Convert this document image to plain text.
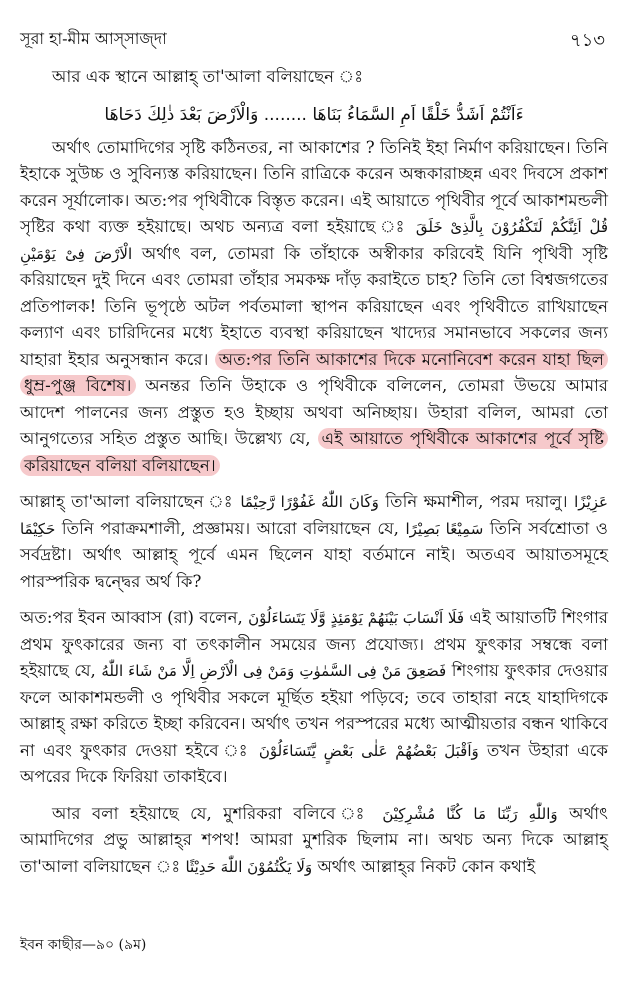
সূরা হা-মীম আস্‌সাজ্‌দা	৭১৩

আর এক স্থানে আল্লাহ্ তা'আলা বলিয়াছেন ঃ

ءَاَنْتُمْ اَشَدُّ خَلْقًا اَمِ السَّمَاءُ بَنَاهَا ........ وَالْاَرْضَ بَعْدَ ذٰلِكَ دَحَاهَا

অর্থাৎ তোমাদিগের সৃষ্টি কঠিনতর, না আকাশের ? তিনিই ইহা নির্মাণ করিয়াছেন। তিনি ইহাকে সুউচ্চ ও সুবিন্যস্ত করিয়াছেন। তিনি রাত্রিকে করেন অন্ধকারাচ্ছন্ন এবং দিবসে প্রকাশ করেন সূর্যালোক। অত:পর পৃথিবীকে বিস্তৃত করেন। এই আয়াতে পৃথিবীর পূর্বে আকাশমন্ডলী সৃষ্টির কথা ব্যক্ত হইয়াছে। অথচ অন্যত্র বলা হইয়াছে ঃ قُلْ اَئِنَّكُمْ لَتَكْفُرُوْنَ بِالَّذِىْ خَلَقَ الْاَرْضَ فِىْ يَوْمَيْنِ অর্থাৎ বল, তোমরা কি তাঁহাকে অস্বীকার করিবেই যিনি পৃথিবী সৃষ্টি করিয়াছেন দুই দিনে এবং তোমরা তাঁহার সমকক্ষ দাঁড় করাইতে চাহ? তিনি তো বিশ্বজগতের প্রতিপালক! তিনি ভূপৃষ্ঠে অটল পর্বতমালা স্থাপন করিয়াছেন এবং পৃথিবীতে রাখিয়াছেন কল্যাণ এবং চারি‌দিনের মধ্যে ইহাতে ব্যবস্থা করিয়াছেন খাদ্যের সমানভাবে সকলের জন্য যাহারা ইহার অনুসন্ধান করে। অত:পর তিনি আকাশের দিকে মনোনিবেশ করেন যাহা ছিল ধুম্র-পুঞ্জ বিশেষ। অনন্তর তিনি উহাকে ও পৃথিবীকে বলিলেন, তোমরা উভয়ে আমার আদেশ পালনের জন্য প্রস্তুত হও ইচ্ছায় অথবা অনিচ্ছায়। উহারা বলিল, আমরা তো আনুগত্যের সহিত প্রস্তুত আছি। উল্লেখ্য যে, এই আয়াতে পৃথিবীকে আকাশের পূর্বে সৃষ্টি করিয়াছেন বলিয়া বলিয়াছেন।

আল্লাহ্ তা'আলা বলিয়াছেন ঃ وَكَانَ اللّٰهُ غَفُوْرًا رَّحِيْمًا তিনি ক্ষমাশীল, পরম দয়ালু। عَزِيْزًا حَكِيْمًا তিনি পরাক্রমশালী, প্রজ্ঞাময়। আরো বলিয়াছেন যে, سَمِيْعًا بَصِيْرًا তিনি সর্বশ্রোতা ও সর্বদ্রষ্টা। অর্থাৎ আল্লাহ্ পূর্বে এমন ছিলেন যাহা বর্তমানে নাই। অতএব আয়াতসমূহে পারস্পরিক দ্বন্দ্বের অর্থ কি?

অত:পর ইবন আব্বাস (রা) বলেন, فَلَا اَنْسَابَ بَيْنَهُمْ يَوْمَئِذٍ وَّلَا يَتَسَاءَلُوْنَ এই আয়াতটি শিংগার প্রথম ফুৎকারের জন্য বা তৎকালীন সময়ের জন্য প্রযোজ্য। প্রথম ফুৎকার সম্বন্ধে বলা হইয়াছে যে, فَصَعِقَ مَنْ فِى السَّمٰوٰتِ وَمَنْ فِى الْاَرْضِ اِلَّا مَنْ شَاءَ اللّٰهُ শিংগায় ফুৎকার দেওয়ার ফলে আকাশমন্ডলী ও পৃথিবীর সকলে মূর্ছিত হইয়া পড়িবে; তবে তাহারা নহে যাহাদিগকে আল্লাহ্ রক্ষা করিতে ইচ্ছা করিবেন। অর্থাৎ তখন পরস্পরের মধ্যে আত্মীয়তার বন্ধন থাকিবে না এবং ফুৎকার দেওয়া হইবে ঃ وَاَقْبَلَ بَعْضُهُمْ عَلٰى بَعْضٍ يَّتَسَاءَلُوْنَ তখন উহারা একে অপরের দিকে ফিরিয়া তাকাইবে।

আর বলা হইয়াছে যে, মুশরিকরা বলিবে ঃ وَاللّٰهِ رَبِّنَا مَا كُنَّا مُشْرِكِيْنَ অর্থাৎ আমাদিগের প্রভু আল্লাহ্‌র শপথ! আমরা মুশরিক ছিলাম না। অথচ অন্য দিকে আল্লাহ্ তা'আলা বলিয়াছেন ঃ وَلَا يَكْتُمُوْنَ اللّٰهَ حَدِيْثًا অর্থাৎ আল্লাহ্‌র নিকট কোন কথাই

ইবন কাছীর—৯০ (৯ম)
